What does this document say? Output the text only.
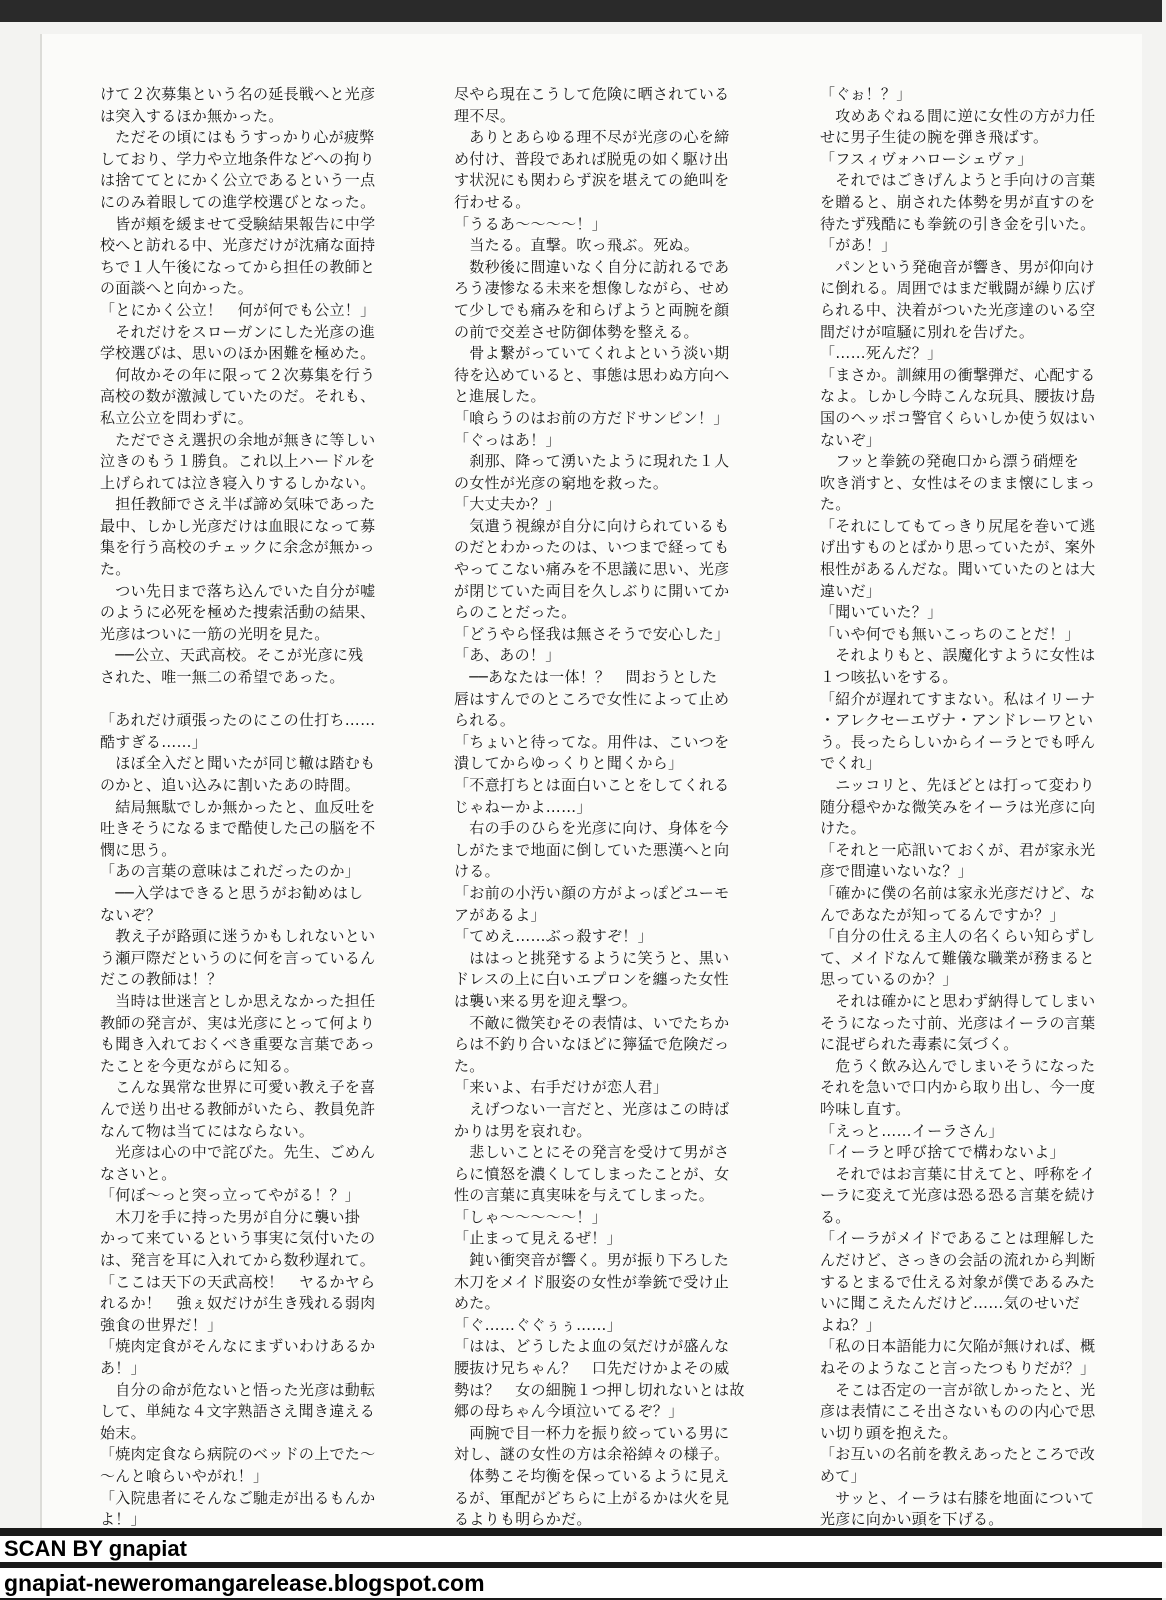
けて２次募集という名の延長戦へと光彦

は突入するほか無かった。

　ただその頃にはもうすっかり心が疲弊

しており、学力や立地条件などへの拘り

は捨ててとにかく公立であるという一点

にのみ着眼しての進学校選びとなった。

　皆が頬を緩ませて受験結果報告に中学

校へと訪れる中、光彦だけが沈痛な面持

ちで１人午後になってから担任の教師と

の面談へと向かった。

「とにかく公立！　何が何でも公立！」

　それだけをスローガンにした光彦の進

学校選びは、思いのほか困難を極めた。

　何故かその年に限って２次募集を行う

高校の数が激減していたのだ。それも、

私立公立を問わずに。

　ただでさえ選択の余地が無きに等しい

泣きのもう１勝負。これ以上ハードルを

上げられては泣き寝入りするしかない。

　担任教師でさえ半ば諦め気味であった

最中、しかし光彦だけは血眼になって募

集を行う高校のチェックに余念が無かっ

た。

　つい先日まで落ち込んでいた自分が嘘

のように必死を極めた捜索活動の結果、

光彦はついに一筋の光明を見た。

　──公立、天武高校。そこが光彦に残

された、唯一無二の希望であった。

「あれだけ頑張ったのにこの仕打ち……

酷すぎる……」

　ほぼ全入だと聞いたが同じ轍は踏むも

のかと、追い込みに割いたあの時間。

　結局無駄でしか無かったと、血反吐を

吐きそうになるまで酷使した己の脳を不

憫に思う。

「あの言葉の意味はこれだったのか」

　──入学はできると思うがお勧めはし

ないぞ？

　教え子が路頭に迷うかもしれないとい

う瀬戸際だというのに何を言っているん

だこの教師は！？

　当時は世迷言としか思えなかった担任

教師の発言が、実は光彦にとって何より

も聞き入れておくべき重要な言葉であっ

たことを今更ながらに知る。

　こんな異常な世界に可愛い教え子を喜

んで送り出せる教師がいたら、教員免許

なんて物は当てにはならない。

　光彦は心の中で詫びた。先生、ごめん

なさいと。

「何ぼ〜っと突っ立ってやがる！？」

　木刀を手に持った男が自分に襲い掛

かって来ているという事実に気付いたの

は、発言を耳に入れてから数秒遅れて。

「ここは天下の天武高校！　ヤるかヤら

れるか！　強ぇ奴だけが生き残れる弱肉

強食の世界だ！」

「焼肉定食がそんなにまずいわけあるか

あ！」

　自分の命が危ないと悟った光彦は動転

して、単純な４文字熟語さえ聞き違える

始末。

「焼肉定食なら病院のベッドの上でた〜

〜んと喰らいやがれ！」

「入院患者にそんなご馳走が出るもんか

よ！」

尽やら現在こうして危険に晒されている

理不尽。

　ありとあらゆる理不尽が光彦の心を締

め付け、普段であれば脱兎の如く駆け出

す状況にも関わらず涙を堪えての絶叫を

行わせる。

「うるあ〜〜〜〜！」

　当たる。直撃。吹っ飛ぶ。死ぬ。

　数秒後に間違いなく自分に訪れるであ

ろう凄惨なる未来を想像しながら、せめ

て少しでも痛みを和らげようと両腕を顔

の前で交差させ防御体勢を整える。

　骨よ繋がっていてくれよという淡い期

待を込めていると、事態は思わぬ方向へ

と進展した。

「喰らうのはお前の方だドサンピン！」

「ぐっはあ！」

　刹那、降って湧いたように現れた１人

の女性が光彦の窮地を救った。

「大丈夫か？」

　気遣う視線が自分に向けられているも

のだとわかったのは、いつまで経っても

やってこない痛みを不思議に思い、光彦

が閉じていた両目を久しぶりに開いてか

らのことだった。

「どうやら怪我は無さそうで安心した」

「あ、あの！」

　──あなたは一体！？　問おうとした

唇はすんでのところで女性によって止め

られる。

「ちょいと待ってな。用件は、こいつを

潰してからゆっくりと聞くから」

「不意打ちとは面白いことをしてくれる

じゃねーかよ……」

　右の手のひらを光彦に向け、身体を今

しがたまで地面に倒していた悪漢へと向

ける。

「お前の小汚い顔の方がよっぽどユーモ

アがあるよ」

「てめえ……ぶっ殺すぞ！」

　ははっと挑発するように笑うと、黒い

ドレスの上に白いエプロンを纏った女性

は襲い来る男を迎え撃つ。

　不敵に微笑むその表情は、いでたちか

らは不釣り合いなほどに獰猛で危険だっ

た。

「来いよ、右手だけが恋人君」

　えげつない一言だと、光彦はこの時ば

かりは男を哀れむ。

　悲しいことにその発言を受けて男がさ

らに憤怒を濃くしてしまったことが、女

性の言葉に真実味を与えてしまった。

「しゃ〜〜〜〜〜！」

「止まって見えるぜ！」

　鈍い衝突音が響く。男が振り下ろした

木刀をメイド服姿の女性が拳銃で受け止

めた。

「ぐ……ぐぐぅぅ……」

「はは、どうしたよ血の気だけが盛んな

腰抜け兄ちゃん？　口先だけかよその威

勢は？　女の細腕１つ押し切れないとは故

郷の母ちゃん今頃泣いてるぞ？」

　両腕で目一杯力を振り絞っている男に

対し、謎の女性の方は余裕綽々の様子。

　体勢こそ均衡を保っているように見え

るが、軍配がどちらに上がるかは火を見

るよりも明らかだ。

「ぐぉ！？」

　攻めあぐねる間に逆に女性の方が力任

せに男子生徒の腕を弾き飛ばす。

「フスィヴォハローシェヴァ」

　それではごきげんようと手向けの言葉

を贈ると、崩された体勢を男が直すのを

待たず残酷にも拳銃の引き金を引いた。

「があ！」

　パンという発砲音が響き、男が仰向け

に倒れる。周囲ではまだ戦闘が繰り広げ

られる中、決着がついた光彦達のいる空

間だけが喧騒に別れを告げた。

「……死んだ？」

「まさか。訓練用の衝撃弾だ、心配する

なよ。しかし今時こんな玩具、腰抜け島

国のヘッポコ警官くらいしか使う奴はい

ないぞ」

　フッと拳銃の発砲口から漂う硝煙を

吹き消すと、女性はそのまま懐にしまっ

た。

「それにしてもてっきり尻尾を巻いて逃

げ出すものとばかり思っていたが、案外

根性があるんだな。聞いていたのとは大

違いだ」

「聞いていた？」

「いや何でも無いこっちのことだ！」

　それよりもと、誤魔化すように女性は

１つ咳払いをする。

「紹介が遅れてすまない。私はイリーナ

・アレクセーエヴナ・アンドレーワとい

う。長ったらしいからイーラとでも呼ん

でくれ」

　ニッコリと、先ほどとは打って変わり

随分穏やかな微笑みをイーラは光彦に向

けた。

「それと一応訊いておくが、君が家永光

彦で間違いないな？」

「確かに僕の名前は家永光彦だけど、な

んであなたが知ってるんですか？」

「自分の仕える主人の名くらい知らずし

て、メイドなんて難儀な職業が務まると

思っているのか？」

　それは確かにと思わず納得してしまい

そうになった寸前、光彦はイーラの言葉

に混ぜられた毒素に気づく。

　危うく飲み込んでしまいそうになった

それを急いで口内から取り出し、今一度

吟味し直す。

「えっと……イーラさん」

「イーラと呼び捨てで構わないよ」

　それではお言葉に甘えてと、呼称をイ

ーラに変えて光彦は恐る恐る言葉を続け

る。

「イーラがメイドであることは理解した

んだけど、さっきの会話の流れから判断

するとまるで仕える対象が僕であるみた

いに聞こえたんだけど……気のせいだ

よね？」

「私の日本語能力に欠陥が無ければ、概

ねそのようなこと言ったつもりだが？」

　そこは否定の一言が欲しかったと、光

彦は表情にこそ出さないものの内心で思

い切り頭を抱えた。

「お互いの名前を教えあったところで改

めて」

　サッと、イーラは右膝を地面について

光彦に向かい頭を下げる。

SCAN BY gnapiat
gnapiat-neweromangarelease.blogspot.com
